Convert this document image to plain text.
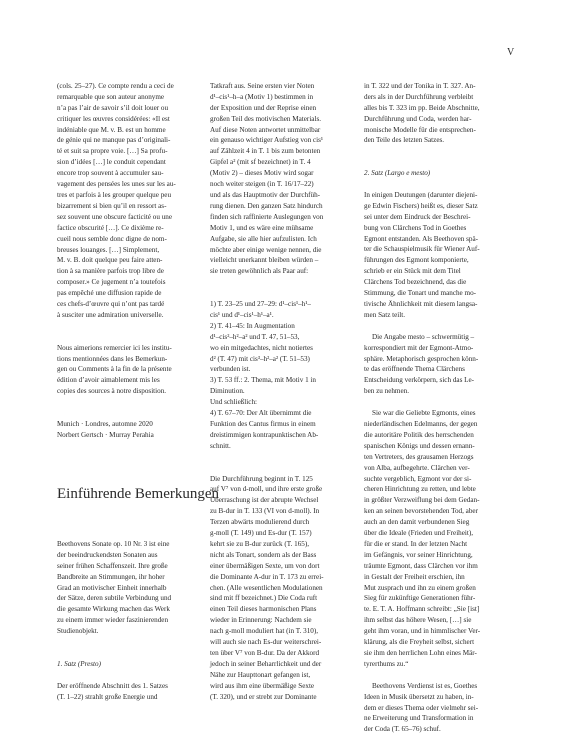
V

(cols. 25–27). Ce compte rendu a ceci de
remarquable que son auteur anonyme
n’a pas l’air de savoir s’il doit louer ou
critiquer les œuvres considérées: «Il est
indéniable que M. v. B. est un homme
de génie qui ne manque pas d’originali-
té et suit sa propre voie. […] Sa profu-
sion d’idées […] le conduit cependant
encore trop souvent à accumuler sau-
vagement des pensées les unes sur les au-
tres et parfois à les grouper quelque peu
bizarrement si bien qu’il en ressort as-
sez souvent une obscure facticité ou une
factice obscurité […]. Ce dixième re-
cueil nous semble donc digne de nom-
breuses louanges. […] Simplement,
M. v. B. doit quelque peu faire atten-
tion à sa manière parfois trop libre de
composer.» Ce jugement n’a toutefois
pas empêché une diffusion rapide de
ces chefs-d’œuvre qui n’ont pas tardé
à susciter une admiration universelle.

Nous aimerions remercier ici les institu-
tions mentionnées dans les Bemerkun-
gen ou Comments à la fin de la présente
édition d’avoir aimablement mis les
copies des sources à notre disposition.

Munich · Londres, automne 2020
Norbert Gertsch · Murray Perahia

Einführende Bemerkungen

Beethovens Sonate op. 10 Nr. 3 ist eine
der beeindruckendsten Sonaten aus
seiner frühen Schaffenszeit. Ihre große
Bandbreite an Stimmungen, ihr hoher
Grad an motivischer Einheit innerhalb
der Sätze, deren subtile Verbindung und
die gesamte Wirkung machen das Werk
zu einem immer wieder faszinierenden
Studienobjekt.

1. Satz (Presto)

Der eröffnende Abschnitt des 1. Satzes
(T. 1–22) strahlt große Energie und

Tatkraft aus. Seine ersten vier Noten
d¹–cis¹–h–a (Motiv 1) bestimmen in
der Exposition und der Reprise einen
großen Teil des motivischen Materials.
Auf diese Noten antwortet unmittelbar
ein genauso wichtiger Aufstieg von cis¹
auf Zählzeit 4 in T. 1 bis zum betonten
Gipfel a² (mit sf bezeichnet) in T. 4
(Motiv 2) – dieses Motiv wird sogar
noch weiter steigen (in T. 16/17–22)
und als das Hauptmotiv der Durchfüh-
rung dienen. Den ganzen Satz hindurch
finden sich raffinierte Auslegungen von
Motiv 1, und es wäre eine mühsame
Aufgabe, sie alle hier aufzulisten. Ich
möchte aber einige wenige nennen, die
vielleicht unerkannt bleiben würden –
sie treten gewöhnlich als Paar auf:

1) T. 23–25 und 27–29: d¹–cis¹–h¹–
cis¹ und d¹–cis¹–h¹–a¹.
2) T. 41–45: In Augmentation
d¹–cis²–h²–a² und T. 47, 51–53,
wo ein mitgedachtes, nicht notiertes
d² (T. 47) mit cis³–h²–a² (T. 51–53)
verbunden ist.
3) T. 53 ff.: 2. Thema, mit Motiv 1 in
Diminution.
Und schließlich:
4) T. 67–70: Der Alt übernimmt die
Funktion des Cantus firmus in einem
dreistimmigen kontrapunktischen Ab-
schnitt.

Die Durchführung beginnt in T. 125
auf V⁷ von d-moll, und ihre erste große
Überraschung ist der abrupte Wechsel
zu B-dur in T. 133 (VI von d-moll). In
Terzen abwärts modulierend durch
g-moll (T. 149) und Es-dur (T. 157)
kehrt sie zu B-dur zurück (T. 165),
nicht als Tonart, sondern als der Bass
einer übermäßigen Sexte, um von dort
die Dominante A-dur in T. 173 zu errei-
chen. (Alle wesentlichen Modulationen
sind mit ff bezeichnet.) Die Coda ruft
einen Teil dieses harmonischen Plans
wieder in Erinnerung: Nachdem sie
nach g-moll moduliert hat (in T. 310),
will auch sie nach Es-dur weiterschrei-
ten über V⁷ von B-dur. Da der Akkord
jedoch in seiner Beharrlichkeit und der
Nähe zur Haupttonart gefangen ist,
wird aus ihm eine übermäßige Sexte
(T. 320), und er strebt zur Dominante

in T. 322 und der Tonika in T. 327. An-
ders als in der Durchführung verbleibt
alles bis T. 323 im pp. Beide Abschnitte,
Durchführung und Coda, werden har-
monische Modelle für die entsprechen-
den Teile des letzten Satzes.

2. Satz (Largo e mesto)

In einigen Deutungen (darunter diejeni-
ge Edwin Fischers) heißt es, dieser Satz
sei unter dem Eindruck der Beschrei-
bung von Clärchens Tod in Goethes
Egmont entstanden. Als Beethoven spä-
ter die Schauspielmusik für Wiener Auf-
führungen des Egmont komponierte,
schrieb er ein Stück mit dem Titel
Clärchens Tod bezeichnend, das die
Stimmung, die Tonart und manche mo-
tivische Ähnlichkeit mit diesem langsa-
men Satz teilt.

Die Angabe mesto – schwermütig –
korrespondiert mit der Egmont-Atmo-
sphäre. Metaphorisch gesprochen könn-
te das eröffnende Thema Clärchens
Entscheidung verkörpern, sich das Le-
ben zu nehmen.

Sie war die Geliebte Egmonts, eines
niederländischen Edelmanns, der gegen
die autoritäre Politik des herrschenden
spanischen Königs und dessen ernann-
ten Vertreters, des grausamen Herzogs
von Alba, aufbegehrte. Clärchen ver-
suchte vergeblich, Egmont vor der si-
cheren Hinrichtung zu retten, und lebte
in größter Verzweiflung bei dem Gedan-
ken an seinen bevorstehenden Tod, aber
auch an den damit verbundenen Sieg
über die Ideale (Frieden und Freiheit),
für die er stand. In der letzten Nacht
im Gefängnis, vor seiner Hinrichtung,
träumte Egmont, dass Clärchen vor ihm
in Gestalt der Freiheit erschien, ihn
Mut zusprach und ihn zu einem großen
Sieg für zukünftige Generationen führ-
te. E. T. A. Hoffmann schreibt: „Sie [ist]
ihm selbst das höhere Wesen, […] sie
geht ihm voran, und in himmlischer Ver-
klärung, als die Freyheit selbst, sichert
sie ihm den herrlichen Lohn eines Mär-
tyrerthums zu.“

Beethovens Verdienst ist es, Goethes
Ideen in Musik übersetzt zu haben, in-
dem er dieses Thema oder vielmehr sei-
ne Erweiterung und Transformation in
der Coda (T. 65–76) schuf.
